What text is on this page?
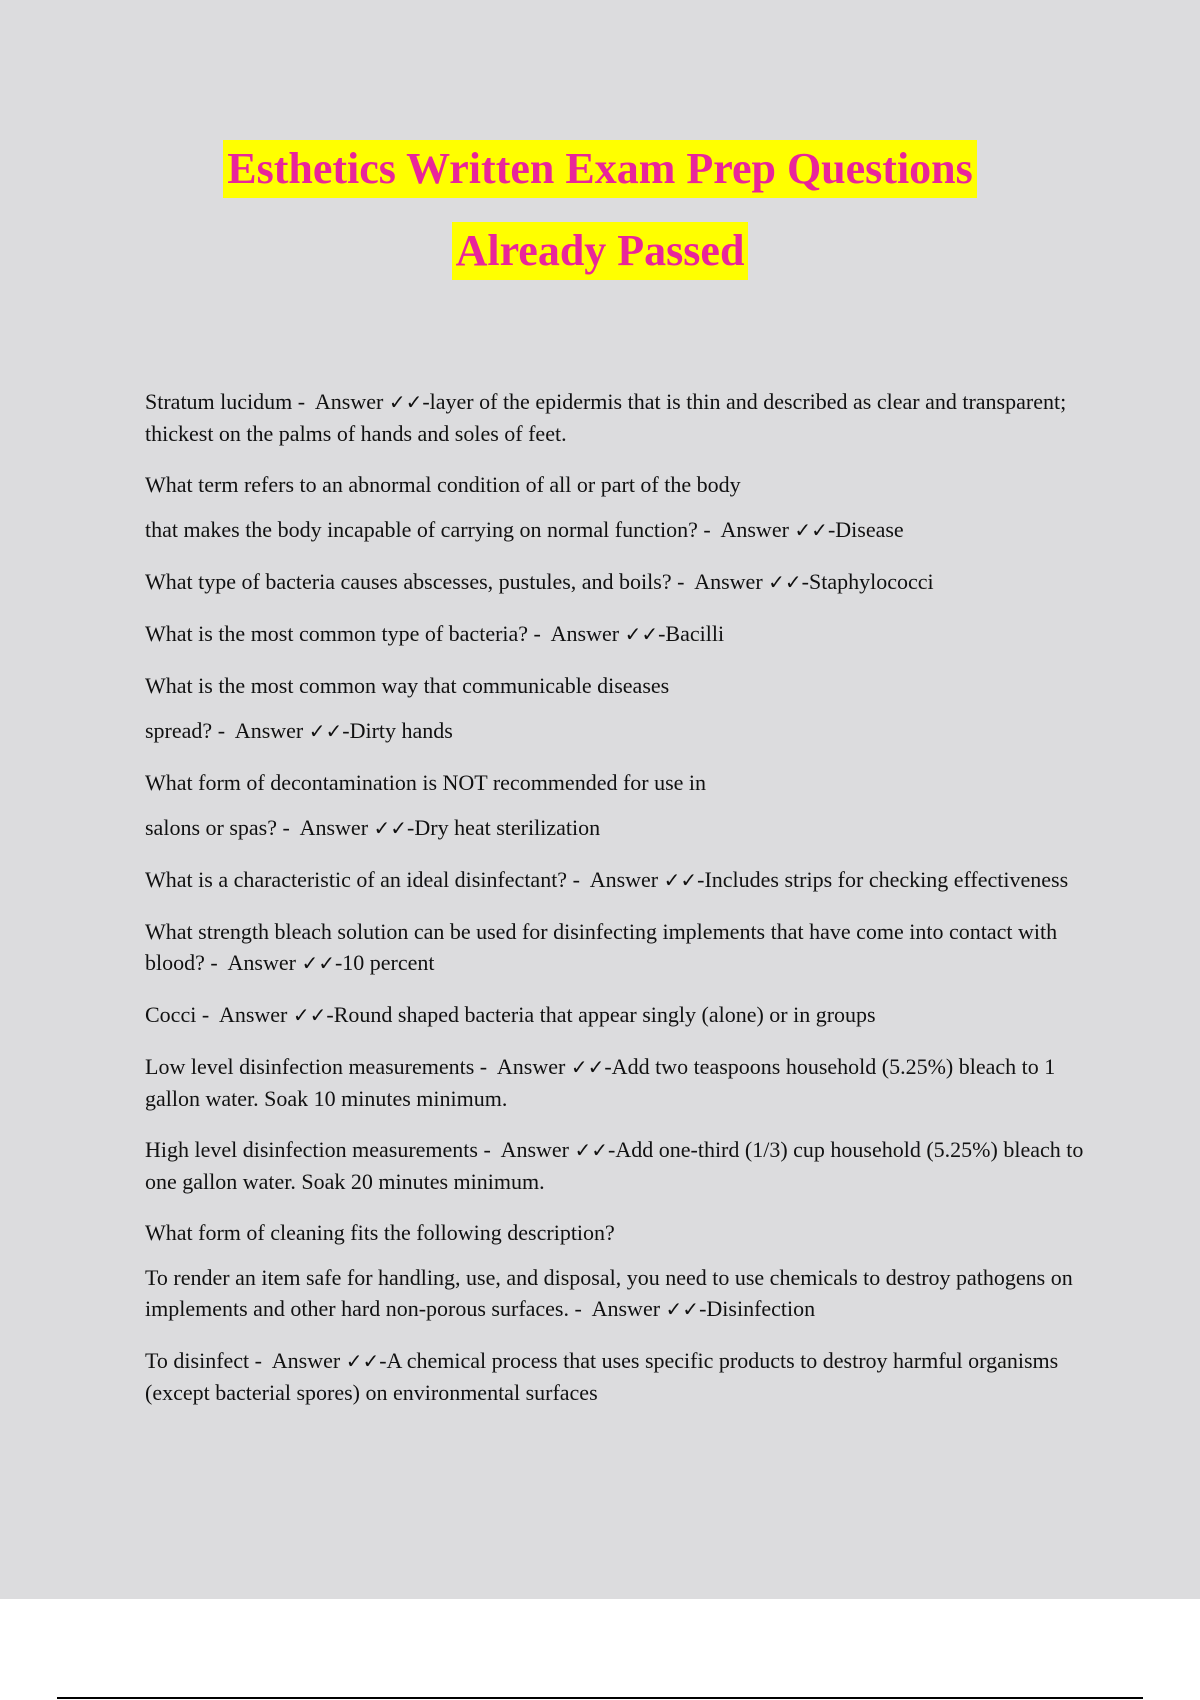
Esthetics Written Exam Prep Questions
Already Passed

Stratum lucidum -  Answer ✓✓-layer of the epidermis that is thin and described as clear and transparent; thickest on the palms of hands and soles of feet.

What term refers to an abnormal condition of all or part of the body

that makes the body incapable of carrying on normal function? -  Answer ✓✓-Disease

What type of bacteria causes abscesses, pustules, and boils? -  Answer ✓✓-Staphylococci

What is the most common type of bacteria? -  Answer ✓✓-Bacilli

What is the most common way that communicable diseases

spread? -  Answer ✓✓-Dirty hands

What form of decontamination is NOT recommended for use in

salons or spas? -  Answer ✓✓-Dry heat sterilization

What is a characteristic of an ideal disinfectant? -  Answer ✓✓-Includes strips for checking effectiveness

What strength bleach solution can be used for disinfecting implements that have come into contact with blood? -  Answer ✓✓-10 percent

Cocci -  Answer ✓✓-Round shaped bacteria that appear singly (alone) or in groups

Low level disinfection measurements -  Answer ✓✓-Add two teaspoons household (5.25%) bleach to 1 gallon water. Soak 10 minutes minimum.

High level disinfection measurements -  Answer ✓✓-Add one-third (1/3) cup household (5.25%) bleach to one gallon water. Soak 20 minutes minimum.

What form of cleaning fits the following description?

To render an item safe for handling, use, and disposal, you need to use chemicals to destroy pathogens on implements and other hard non-porous surfaces. -  Answer ✓✓-Disinfection

To disinfect -  Answer ✓✓-A chemical process that uses specific products to destroy harmful organisms (except bacterial spores) on environmental surfaces
